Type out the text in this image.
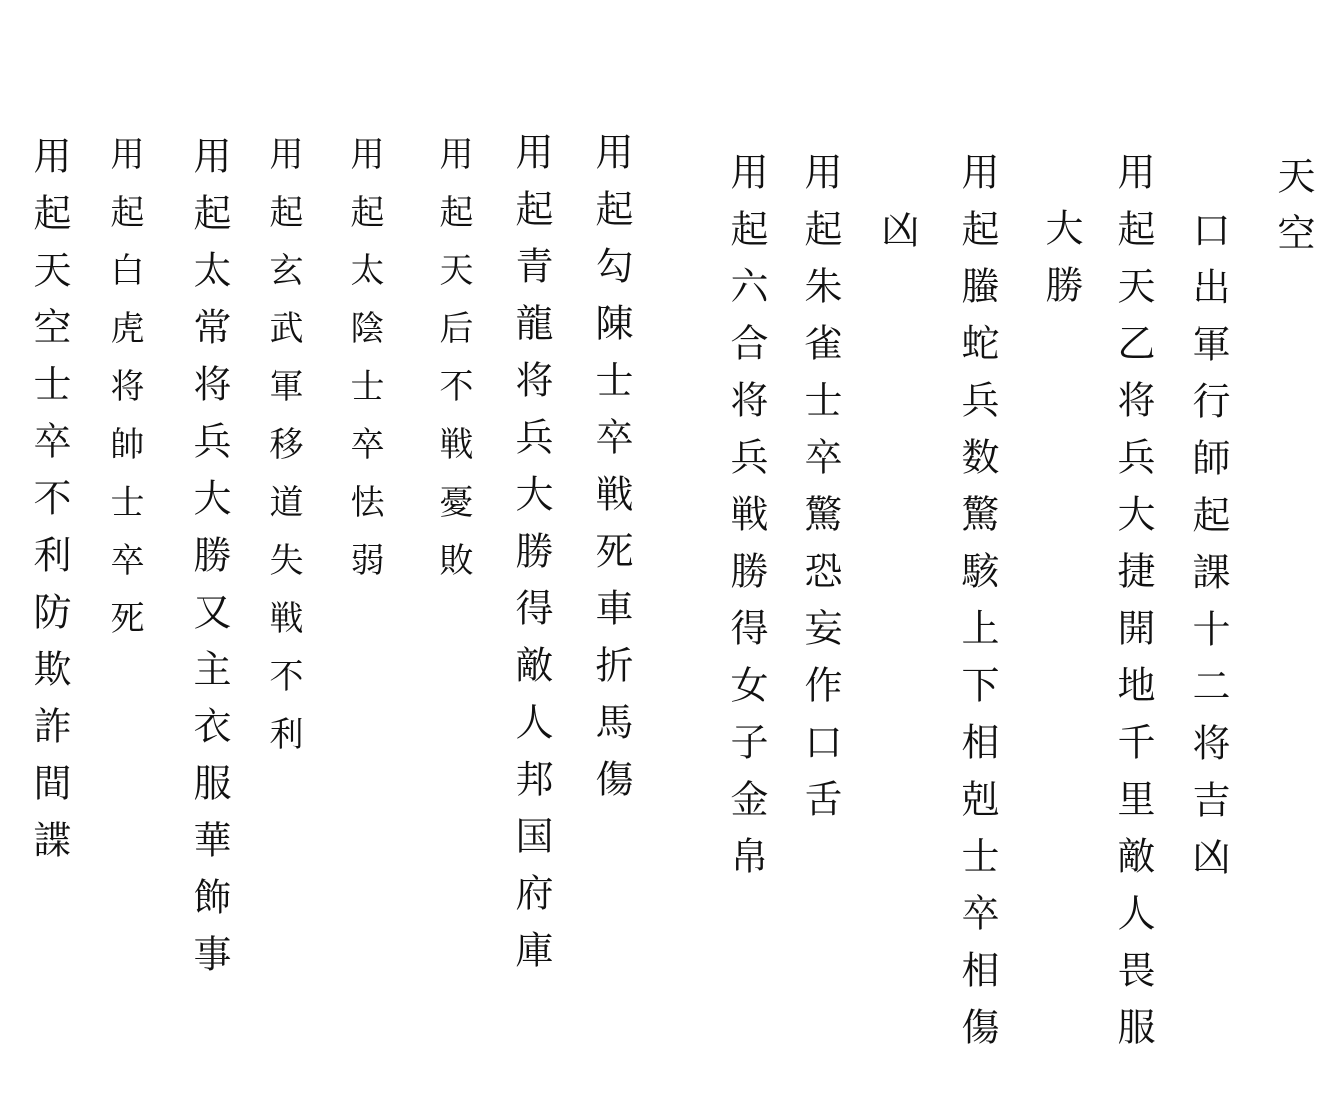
天空
口出軍行師起課十二将吉凶
用起天乙将兵大捷開地千里敵人畏服
大勝
用起螣蛇兵数驚駭上下相剋士卒相傷
凶
用起朱雀士卒驚恐妄作口舌
用起六合将兵戦勝得女子金帛
用起勾陳士卒戦死車折馬傷
用起青龍将兵大勝得敵人邦国府庫
用起天后不戦憂敗
用起太陰士卒怯弱
用起玄武軍移道失戦不利
用起太常将兵大勝又主衣服華飾事
用起白虎将帥士卒死
用起天空士卒不利防欺詐間諜
